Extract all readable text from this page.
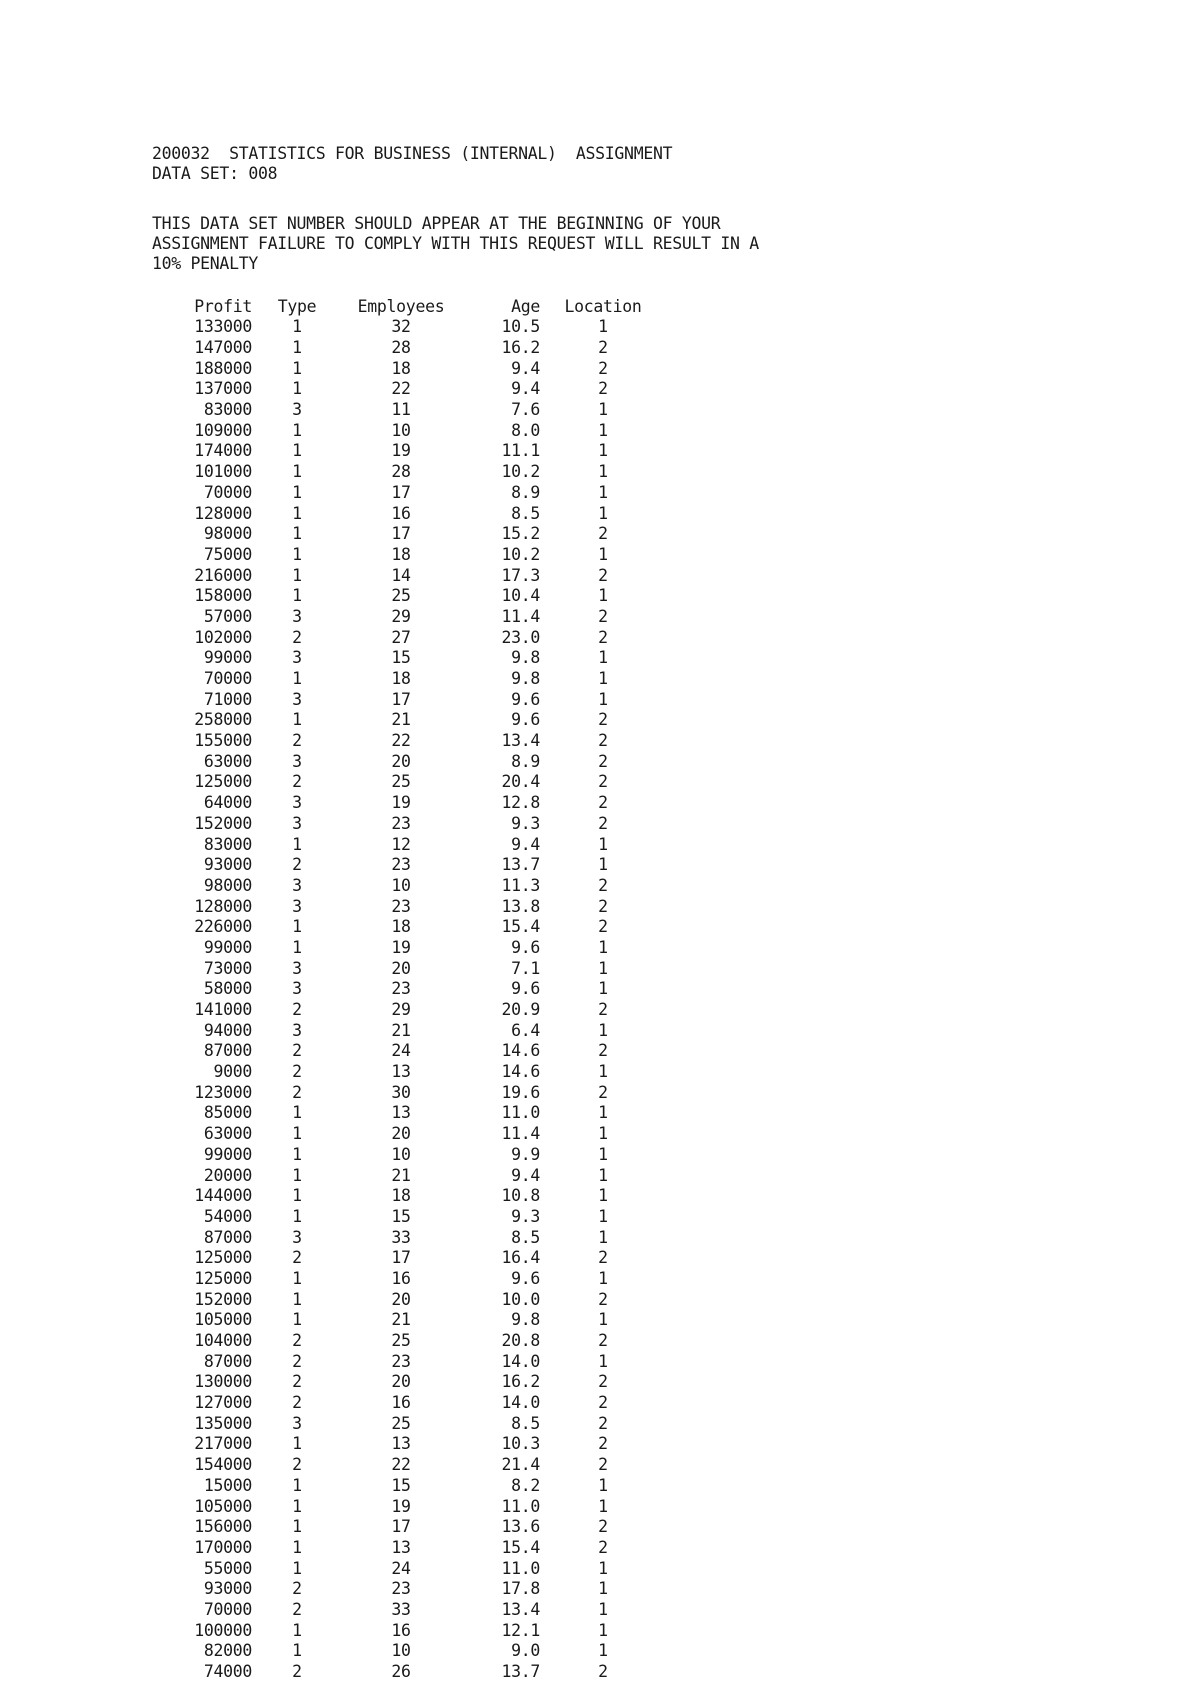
200032  STATISTICS FOR BUSINESS (INTERNAL)  ASSIGNMENT
DATA SET: 008
THIS DATA SET NUMBER SHOULD APPEAR AT THE BEGINNING OF YOUR
ASSIGNMENT FAILURE TO COMPLY WITH THIS REQUEST WILL RESULT IN A
10% PENALTY
Profit	Type	Employees	Age	Location
133000	1	32	10.5	1
147000	1	28	16.2	2
188000	1	18	9.4	2
137000	1	22	9.4	2
83000	3	11	7.6	1
109000	1	10	8.0	1
174000	1	19	11.1	1
101000	1	28	10.2	1
70000	1	17	8.9	1
128000	1	16	8.5	1
98000	1	17	15.2	2
75000	1	18	10.2	1
216000	1	14	17.3	2
158000	1	25	10.4	1
57000	3	29	11.4	2
102000	2	27	23.0	2
99000	3	15	9.8	1
70000	1	18	9.8	1
71000	3	17	9.6	1
258000	1	21	9.6	2
155000	2	22	13.4	2
63000	3	20	8.9	2
125000	2	25	20.4	2
64000	3	19	12.8	2
152000	3	23	9.3	2
83000	1	12	9.4	1
93000	2	23	13.7	1
98000	3	10	11.3	2
128000	3	23	13.8	2
226000	1	18	15.4	2
99000	1	19	9.6	1
73000	3	20	7.1	1
58000	3	23	9.6	1
141000	2	29	20.9	2
94000	3	21	6.4	1
87000	2	24	14.6	2
9000	2	13	14.6	1
123000	2	30	19.6	2
85000	1	13	11.0	1
63000	1	20	11.4	1
99000	1	10	9.9	1
20000	1	21	9.4	1
144000	1	18	10.8	1
54000	1	15	9.3	1
87000	3	33	8.5	1
125000	2	17	16.4	2
125000	1	16	9.6	1
152000	1	20	10.0	2
105000	1	21	9.8	1
104000	2	25	20.8	2
87000	2	23	14.0	1
130000	2	20	16.2	2
127000	2	16	14.0	2
135000	3	25	8.5	2
217000	1	13	10.3	2
154000	2	22	21.4	2
15000	1	15	8.2	1
105000	1	19	11.0	1
156000	1	17	13.6	2
170000	1	13	15.4	2
55000	1	24	11.0	1
93000	2	23	17.8	1
70000	2	33	13.4	1
100000	1	16	12.1	1
82000	1	10	9.0	1
74000	2	26	13.7	2
